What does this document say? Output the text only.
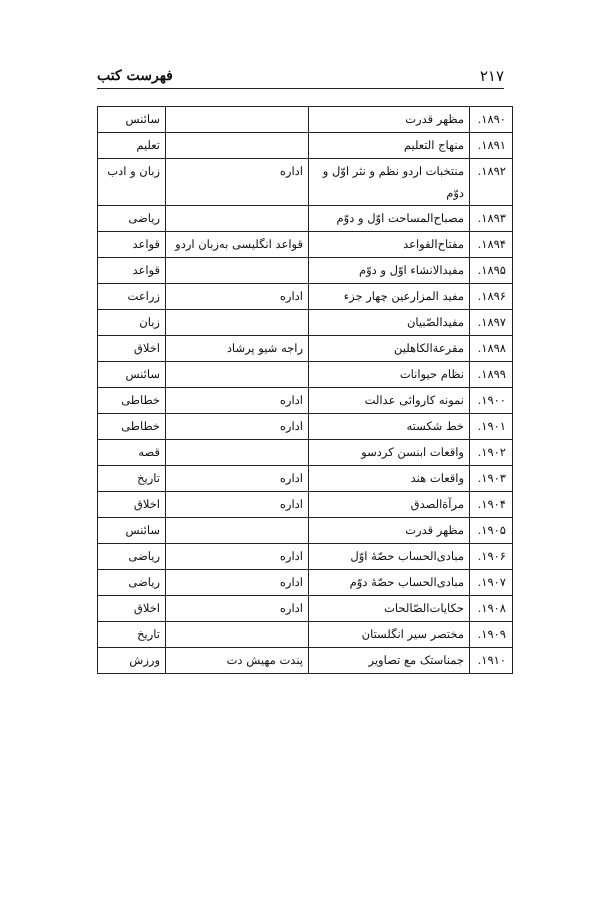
۲۱۷
فهرست کتب
۱۸۹۰.	مظهر قدرت		سائنس
۱۸۹۱.	منهاج التعلیم		تعلیم
۱۸۹۲.	منتخبات اردو نظم و نثر اوّل و دوّم	اداره	زبان و ادب
۱۸۹۳.	مصباح‌المساحت اوّل و دوّم		ریاضی
۱۸۹۴.	مفتاح‌القواعد	قواعد انگلیسی به‌زبان اردو	قواعد
۱۸۹۵.	مفیدالانشاء اوّل و دوّم		قواعد
۱۸۹۶.	مفید المزارعین چهار جزء	اداره	زراعت
۱۸۹۷.	مفیدالصّبیان		زبان
۱۸۹۸.	مقرعة‌الکاهلین	راجه شیو پرشاد	اخلاق
۱۸۹۹.	نظام حیوانات		سائنس
۱۹۰۰.	نمونه کاروائی عدالت	اداره	خطاطی
۱۹۰۱.	خط شکسته	اداره	خطاطی
۱۹۰۲.	واقعات ابنسن کردسو		قصه
۱۹۰۳.	واقعات هند	اداره	تاریخ
۱۹۰۴.	مرآة‌الصدق	اداره	اخلاق
۱۹۰۵.	مظهر قدرت		سائنس
۱۹۰۶.	مبادی‌الحساب حصّهٔ اوّل	اداره	ریاضی
۱۹۰۷.	مبادی‌الحساب حصّهٔ دوّم	اداره	ریاضی
۱۹۰۸.	حکایات‌الصّالحات	اداره	اخلاق
۱۹۰۹.	مختصر سیر انگلستان		تاریخ
۱۹۱۰.	جمناستک مع تصاویر	پندت مهیش دت	ورزش
